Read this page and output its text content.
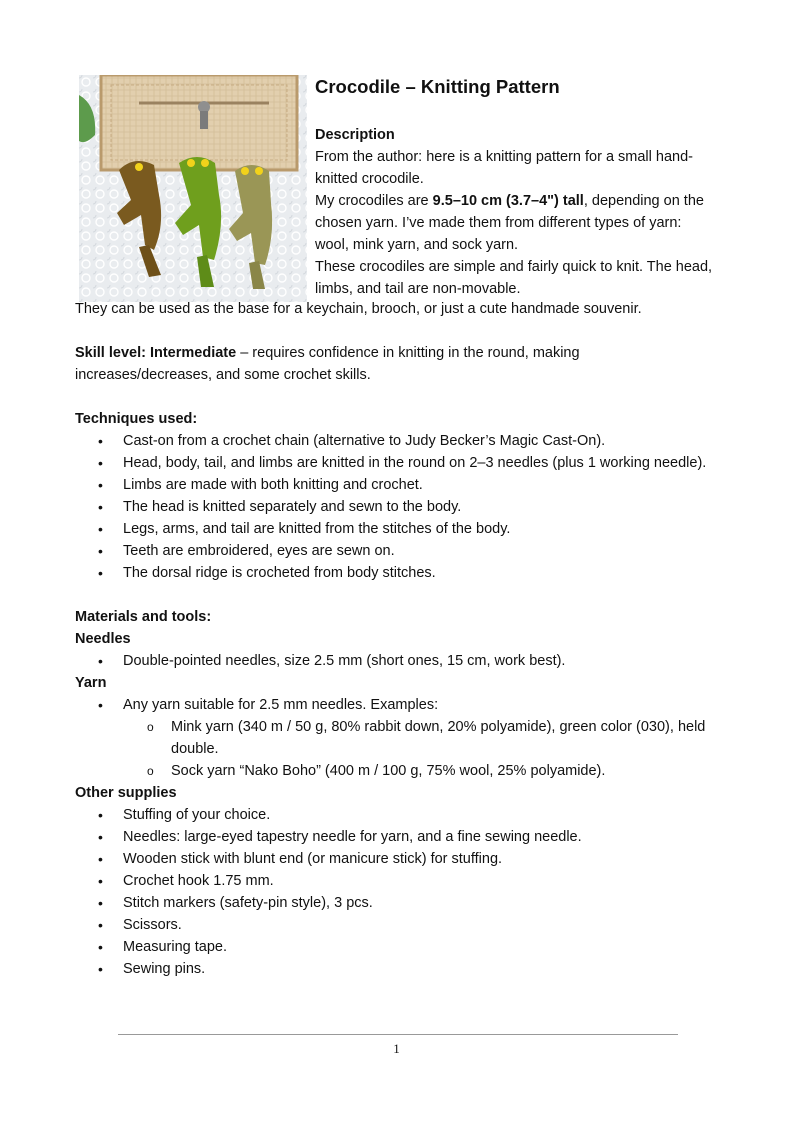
Crocodile – Knitting Pattern
Description
From the author: here is a knitting pattern for a small hand-
knitted crocodile.
My crocodiles are 9.5–10 cm (3.7–4") tall, depending on the
chosen yarn. I’ve made them from different types of yarn:
wool, mink yarn, and sock yarn.
These crocodiles are simple and fairly quick to knit. The head,
limbs, and tail are non-movable.
They can be used as the base for a keychain, brooch, or just a cute handmade souvenir.

Skill level: Intermediate – requires confidence in knitting in the round, making

increases/decreases, and some crochet skills.

Techniques used:

• Cast-on from a crochet chain (alternative to Judy Becker’s Magic Cast-On).
• Head, body, tail, and limbs are knitted in the round on 2–3 needles (plus 1 working needle).
• Limbs are made with both knitting and crochet.
• The head is knitted separately and sewn to the body.
• Legs, arms, and tail are knitted from the stitches of the body.
• Teeth are embroidered, eyes are sewn on.
• The dorsal ridge is crocheted from body stitches.

Materials and tools:

Needles

• Double-pointed needles, size 2.5 mm (short ones, 15 cm, work best).

Yarn

• Any yarn suitable for 2.5 mm needles. Examples:
o Mink yarn (340 m / 50 g, 80% rabbit down, 20% polyamide), green color (030), held
double.
o Sock yarn “Nako Boho” (400 m / 100 g, 75% wool, 25% polyamide).

Other supplies

• Stuffing of your choice.
• Needles: large-eyed tapestry needle for yarn, and a fine sewing needle.
• Wooden stick with blunt end (or manicure stick) for stuffing.
• Crochet hook 1.75 mm.
• Stitch markers (safety-pin style), 3 pcs.
• Scissors.
• Measuring tape.
• Sewing pins.
1
